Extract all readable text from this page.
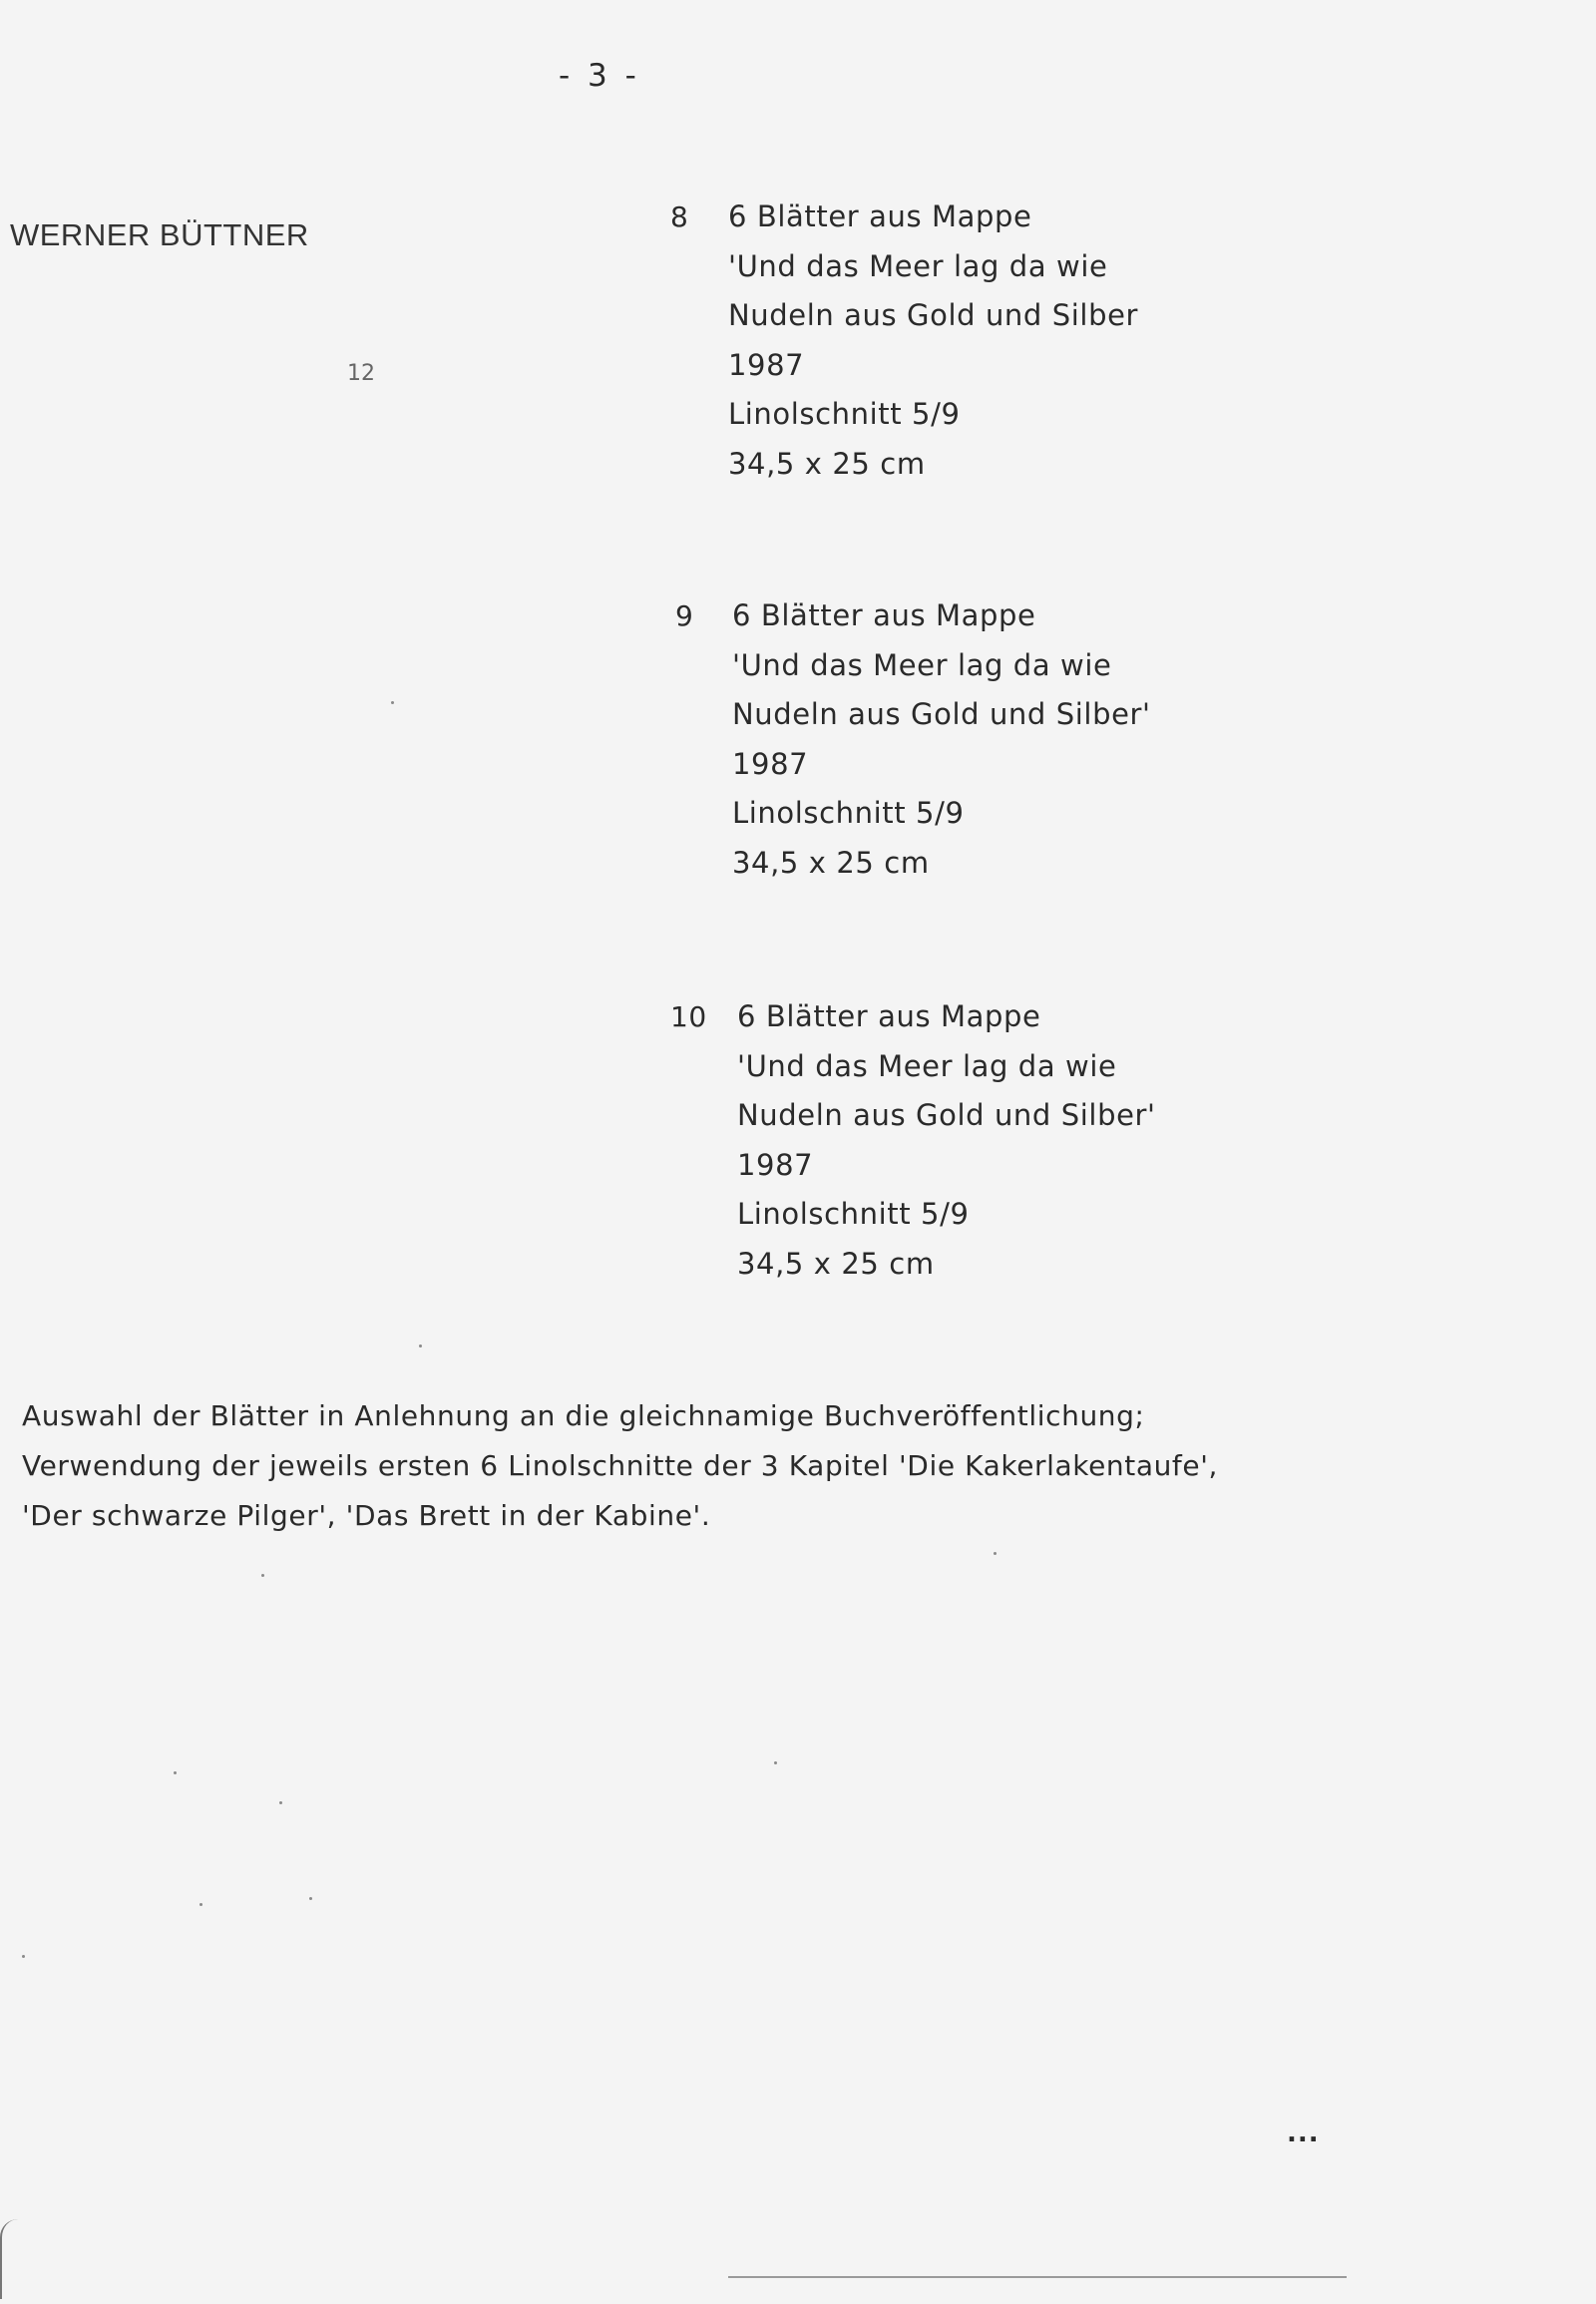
- 3 -
WERNER BÜTTNER
12
8 6 Blätter aus Mappe
'Und das Meer lag da wie
Nudeln aus Gold und Silber
1987
Linolschnitt 5/9
34,5 x 25 cm
9 6 Blätter aus Mappe
'Und das Meer lag da wie
Nudeln aus Gold und Silber'
1987
Linolschnitt 5/9
34,5 x 25 cm
10 6 Blätter aus Mappe
'Und das Meer lag da wie
Nudeln aus Gold und Silber'
1987
Linolschnitt 5/9
34,5 x 25 cm
Auswahl der Blätter in Anlehnung an die gleichnamige Buchveröffentlichung;
Verwendung der jeweils ersten 6 Linolschnitte der 3 Kapitel 'Die Kakerlakentaufe',
'Der schwarze Pilger', 'Das Brett in der Kabine'.
...
